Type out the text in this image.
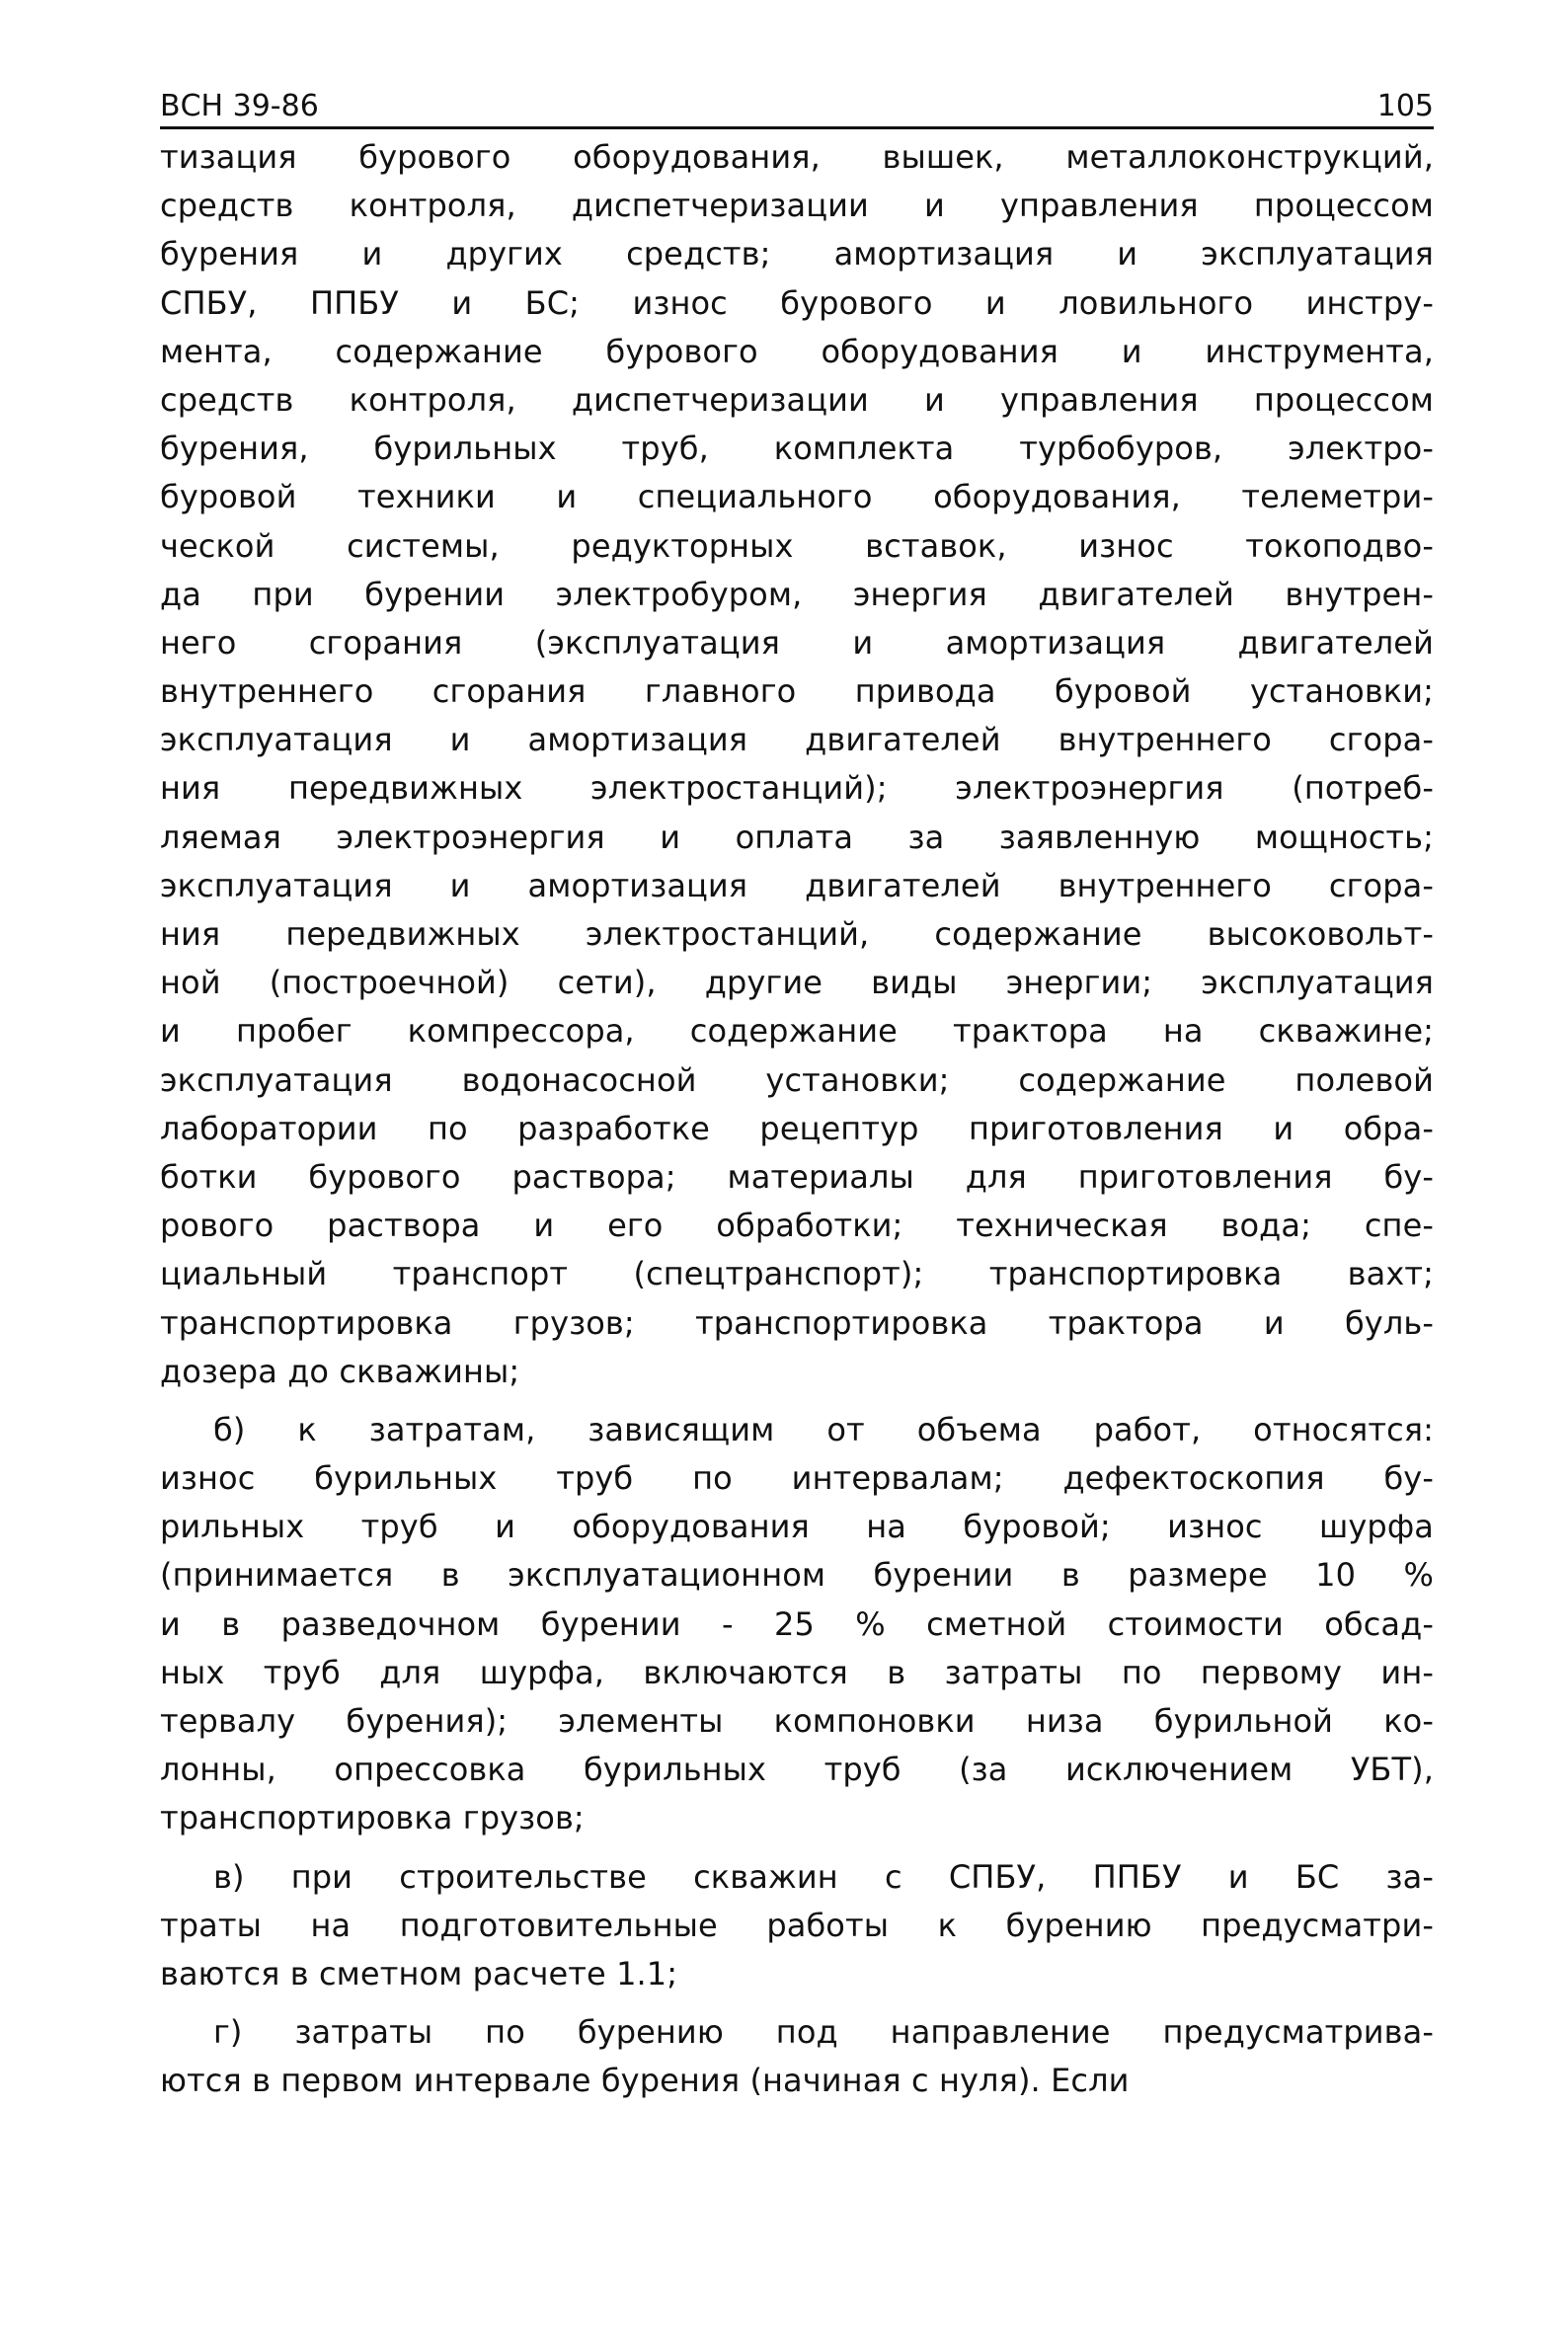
ВСН 39-86	105
тизация бурового оборудования, вышек, металлоконструкций,
средств контроля, диспетчеризации и управления процессом
бурения и других средств; амортизация и эксплуатация
СПБУ, ППБУ и БС; износ бурового и ловильного инстру-
мента, содержание бурового оборудования и инструмента,
средств контроля, диспетчеризации и управления процессом
бурения, бурильных труб, комплекта турбобуров, электро-
буровой техники и специального оборудования, телеметри-
ческой системы, редукторных вставок, износ токоподво-
да при бурении электробуром, энергия двигателей внутрен-
него сгорания (эксплуатация и амортизация двигателей
внутреннего сгорания главного привода буровой установки;
эксплуатация и амортизация двигателей внутреннего сгора-
ния передвижных электростанций); электроэнергия (потреб-
ляемая электроэнергия и оплата за заявленную мощность;
эксплуатация и амортизация двигателей внутреннего сгора-
ния передвижных электростанций, содержание высоковольт-
ной (построечной) сети), другие виды энергии; эксплуатация
и пробег компрессора, содержание трактора на скважине;
эксплуатация водонасосной установки; содержание полевой
лаборатории по разработке рецептур приготовления и обра-
ботки бурового раствора; материалы для приготовления бу-
рового раствора и его обработки; техническая вода; спе-
циальный транспорт (спецтранспорт); транспортировка вахт;
транспортировка грузов; транспортировка трактора и буль-
дозера до скважины;
б) к затратам, зависящим от объема работ, относятся:
износ бурильных труб по интервалам; дефектоскопия бу-
рильных труб и оборудования на буровой; износ шурфа
(принимается в эксплуатационном бурении в размере 10 %
и в разведочном бурении - 25 % сметной стоимости обсад-
ных труб для шурфа, включаются в затраты по первому ин-
тервалу бурения); элементы компоновки низа бурильной ко-
лонны, опрессовка бурильных труб (за исключением УБТ),
транспортировка грузов;
в) при строительстве скважин с СПБУ, ППБУ и БС за-
траты на подготовительные работы к бурению предусматри-
ваются в сметном расчете 1.1;
г) затраты по бурению под направление предусматрива-
ются в первом интервале бурения (начиная с нуля). Если
